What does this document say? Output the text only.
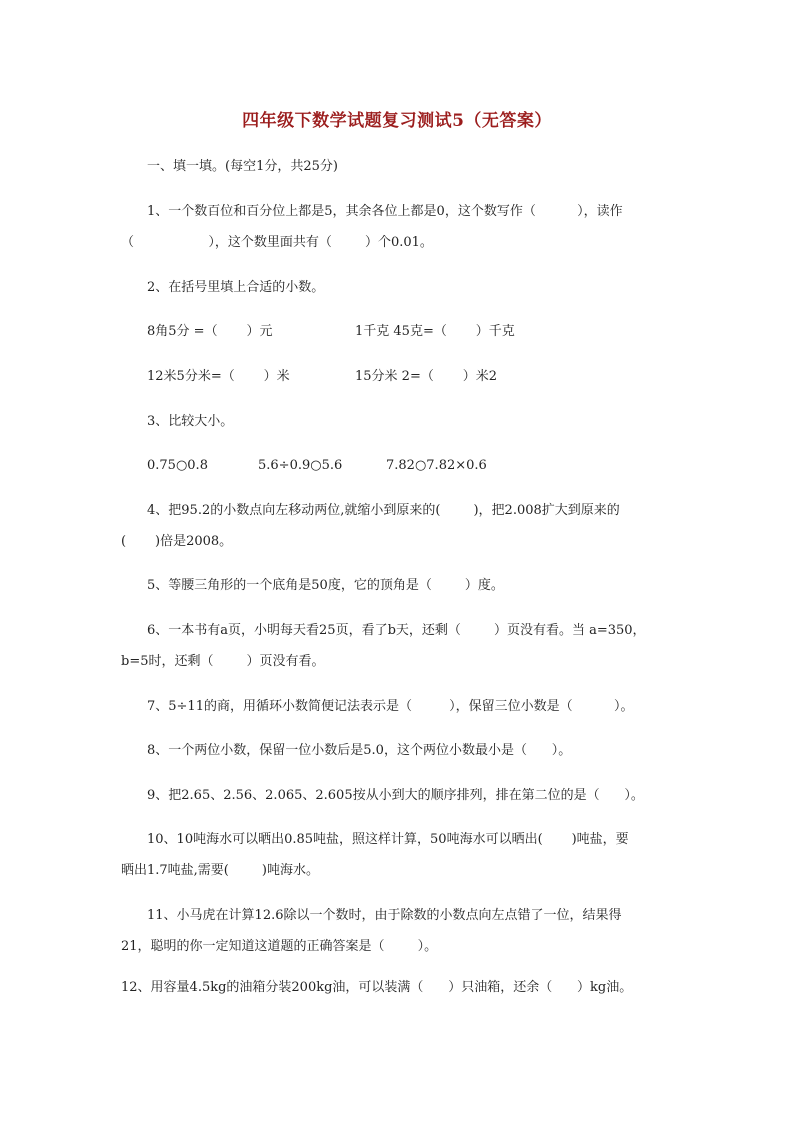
四年级下数学试题复习测试5（无答案）
一、填一填。(每空1分，共25分)
1、一个数百位和百分位上都是5，其余各位上都是0，这个数写作（          ），读作
（                  ），这个数里面共有（        ）个0.01。
2、在括号里填上合适的小数。
8角5分 =（       ）元	1千克 45克=（       ）千克
12米5分米=（       ）米	15分米 2=（       ）米2
3、比较大小。
0.75○0.8	5.6÷0.9○5.6	7.82○7.82×0.6
4、把95.2的小数点向左移动两位,就缩小到原来的(        )，把2.008扩大到原来的
(       )倍是2008。
5、等腰三角形的一个底角是50度，它的顶角是（        ）度。
6、一本书有a页，小明每天看25页，看了b天，还剩（        ）页没有看。当 a=350，
b=5时，还剩（        ）页没有看。
7、5÷11的商，用循环小数简便记法表示是（         ），保留三位小数是（          ）。
8、一个两位小数，保留一位小数后是5.0，这个两位小数最小是（      ）。
9、把2.65、2.56、2.065、2.605按从小到大的顺序排列，排在第二位的是（      ）。
10、10吨海水可以晒出0.85吨盐，照这样计算，50吨海水可以晒出(       )吨盐，要
晒出1.7吨盐,需要(        )吨海水。
11、小马虎在计算12.6除以一个数时，由于除数的小数点向左点错了一位，结果得
21，聪明的你一定知道这道题的正确答案是（        ）。
12、用容量4.5kg的油箱分装200kg油，可以装满（      ）只油箱，还余（      ）kg油。
